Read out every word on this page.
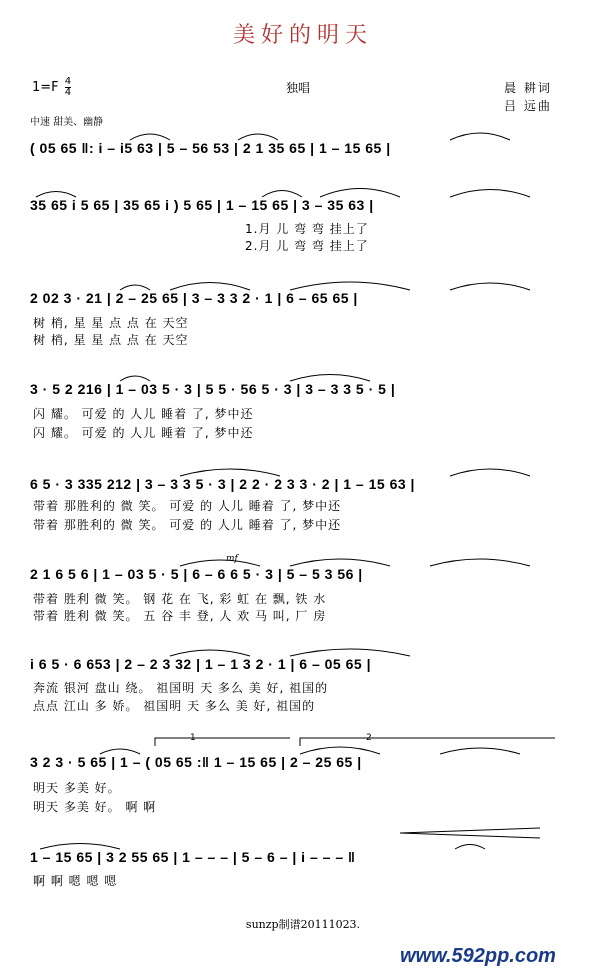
美好的明天
$1=F \frac{4}{4}$	独唱	晨 耕词
吕 远曲
中速 甜美、幽静
( 05 65 ‖: i – i5 63 | 5 – 56 53 | 2 1 35 65 | 1 – 15 65 |
35 65 i 5 65 | 35 65 i ) 5 65 | 1 – 15 65 | 3 – 35 63 |
1.月 儿 弯 弯 挂上了
2.月 儿 弯 弯 挂上了
2 02 3 · 21 | 2 – 25 65 | 3 – 3 3 2 · 1 | 6 – 65 65 |
树 梢, 星 星 点 点 在 天空
树 梢, 星 星 点 点 在 天空
3 · 5 2 216 | 1 – 03 5 · 3 | 5 5 · 56 5 · 3 | 3 – 3 3 5 · 5 |
闪 耀。 可爱 的 人儿 睡着 了, 梦中还
闪 耀。 可爱 的 人儿 睡着 了, 梦中还
6 5 · 3 335 212 | 3 – 3 3 5 · 3 | 2 2 · 2 3 3 · 2 | 1 – 15 63 |
带着 那胜利的 微 笑。 可爱 的 人儿 睡着 了, 梦中还
带着 那胜利的 微 笑。 可爱 的 人儿 睡着 了, 梦中还
mf
2 1 6 5 6 | 1 – 03 5 · 5 | 6 – 6 6 5 · 3 | 5 – 5 3 56 |
带着 胜利 微 笑。 钢 花 在 飞, 彩 虹 在 飘, 铁 水
带着 胜利 微 笑。 五 谷 丰 登, 人 欢 马 叫, 厂 房
i 6 5 · 6 653 | 2 – 2 3 32 | 1 – 1 3 2 · 1 | 6 – 05 65 |
奔流 银河 盘山 绕。 祖国明 天 多么 美 好, 祖国的
点点 江山 多 娇。 祖国明 天 多么 美 好, 祖国的
1	2
3 2 3 · 5 65 | 1 – ( 05 65 :‖ 1 – 15 65 | 2 – 25 65 |
明天 多美 好。
明天 多美 好。 啊 啊
1 – 15 65 | 3 2 55 65 | 1 – – – | 5 – 6 – | i – – – ‖
啊 啊 嗯 嗯 嗯
sunzp制谱20111023.
www.592pp.com
